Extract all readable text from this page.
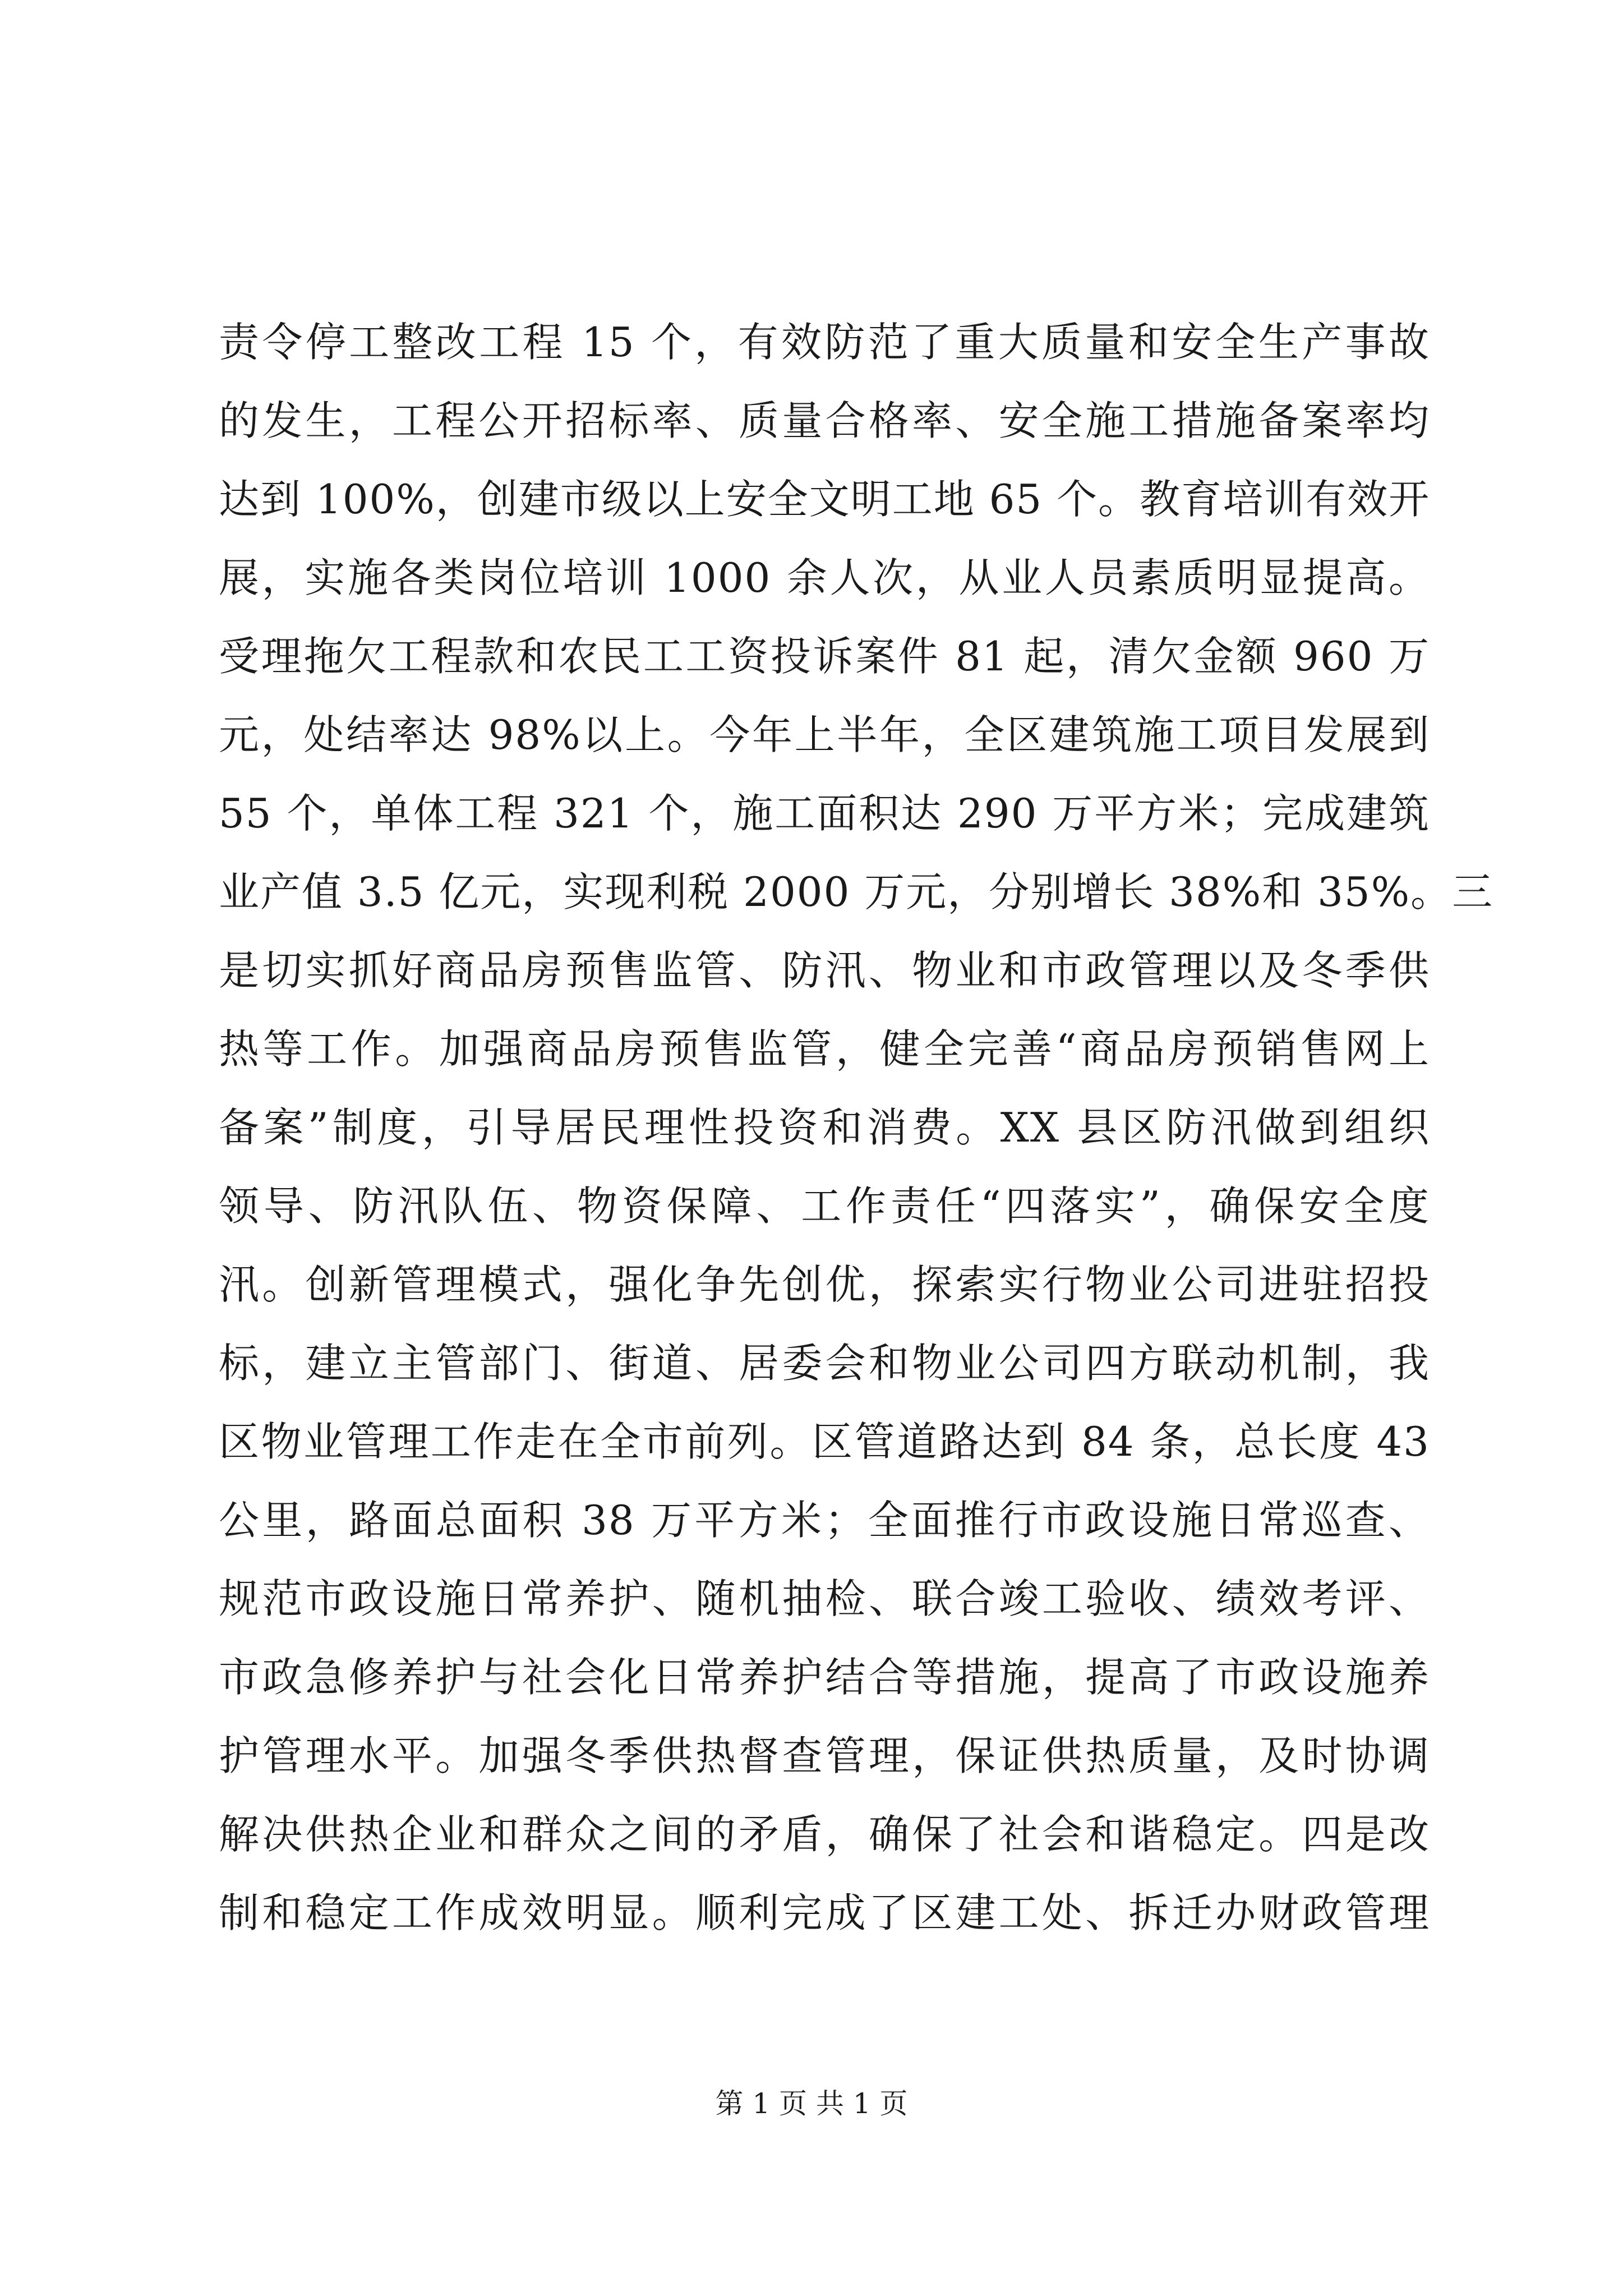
责令停工整改工程 15 个，有效防范了重大质量和安全生产事故
的发生，工程公开招标率、质量合格率、安全施工措施备案率均
达到 100%，创建市级以上安全文明工地 65 个。教育培训有效开
展，实施各类岗位培训 1000 余人次，从业人员素质明显提高。
受理拖欠工程款和农民工工资投诉案件 81 起，清欠金额 960 万
元，处结率达 98%以上。今年上半年，全区建筑施工项目发展到
55 个，单体工程 321 个，施工面积达 290 万平方米；完成建筑
业产值 3.5 亿元，实现利税 2000 万元，分别增长 38%和 35%。三
是切实抓好商品房预售监管、防汛、物业和市政管理以及冬季供
热等工作。加强商品房预售监管，健全完善“商品房预销售网上
备案”制度，引导居民理性投资和消费。XX 县区防汛做到组织
领导、防汛队伍、物资保障、工作责任“四落实”，确保安全度
汛。创新管理模式，强化争先创优，探索实行物业公司进驻招投
标，建立主管部门、街道、居委会和物业公司四方联动机制，我
区物业管理工作走在全市前列。区管道路达到 84 条，总长度 43
公里，路面总面积 38 万平方米；全面推行市政设施日常巡查、
规范市政设施日常养护、随机抽检、联合竣工验收、绩效考评、
市政急修养护与社会化日常养护结合等措施，提高了市政设施养
护管理水平。加强冬季供热督查管理，保证供热质量，及时协调
解决供热企业和群众之间的矛盾，确保了社会和谐稳定。四是改
制和稳定工作成效明显。顺利完成了区建工处、拆迁办财政管理
第 1 页 共 1 页
